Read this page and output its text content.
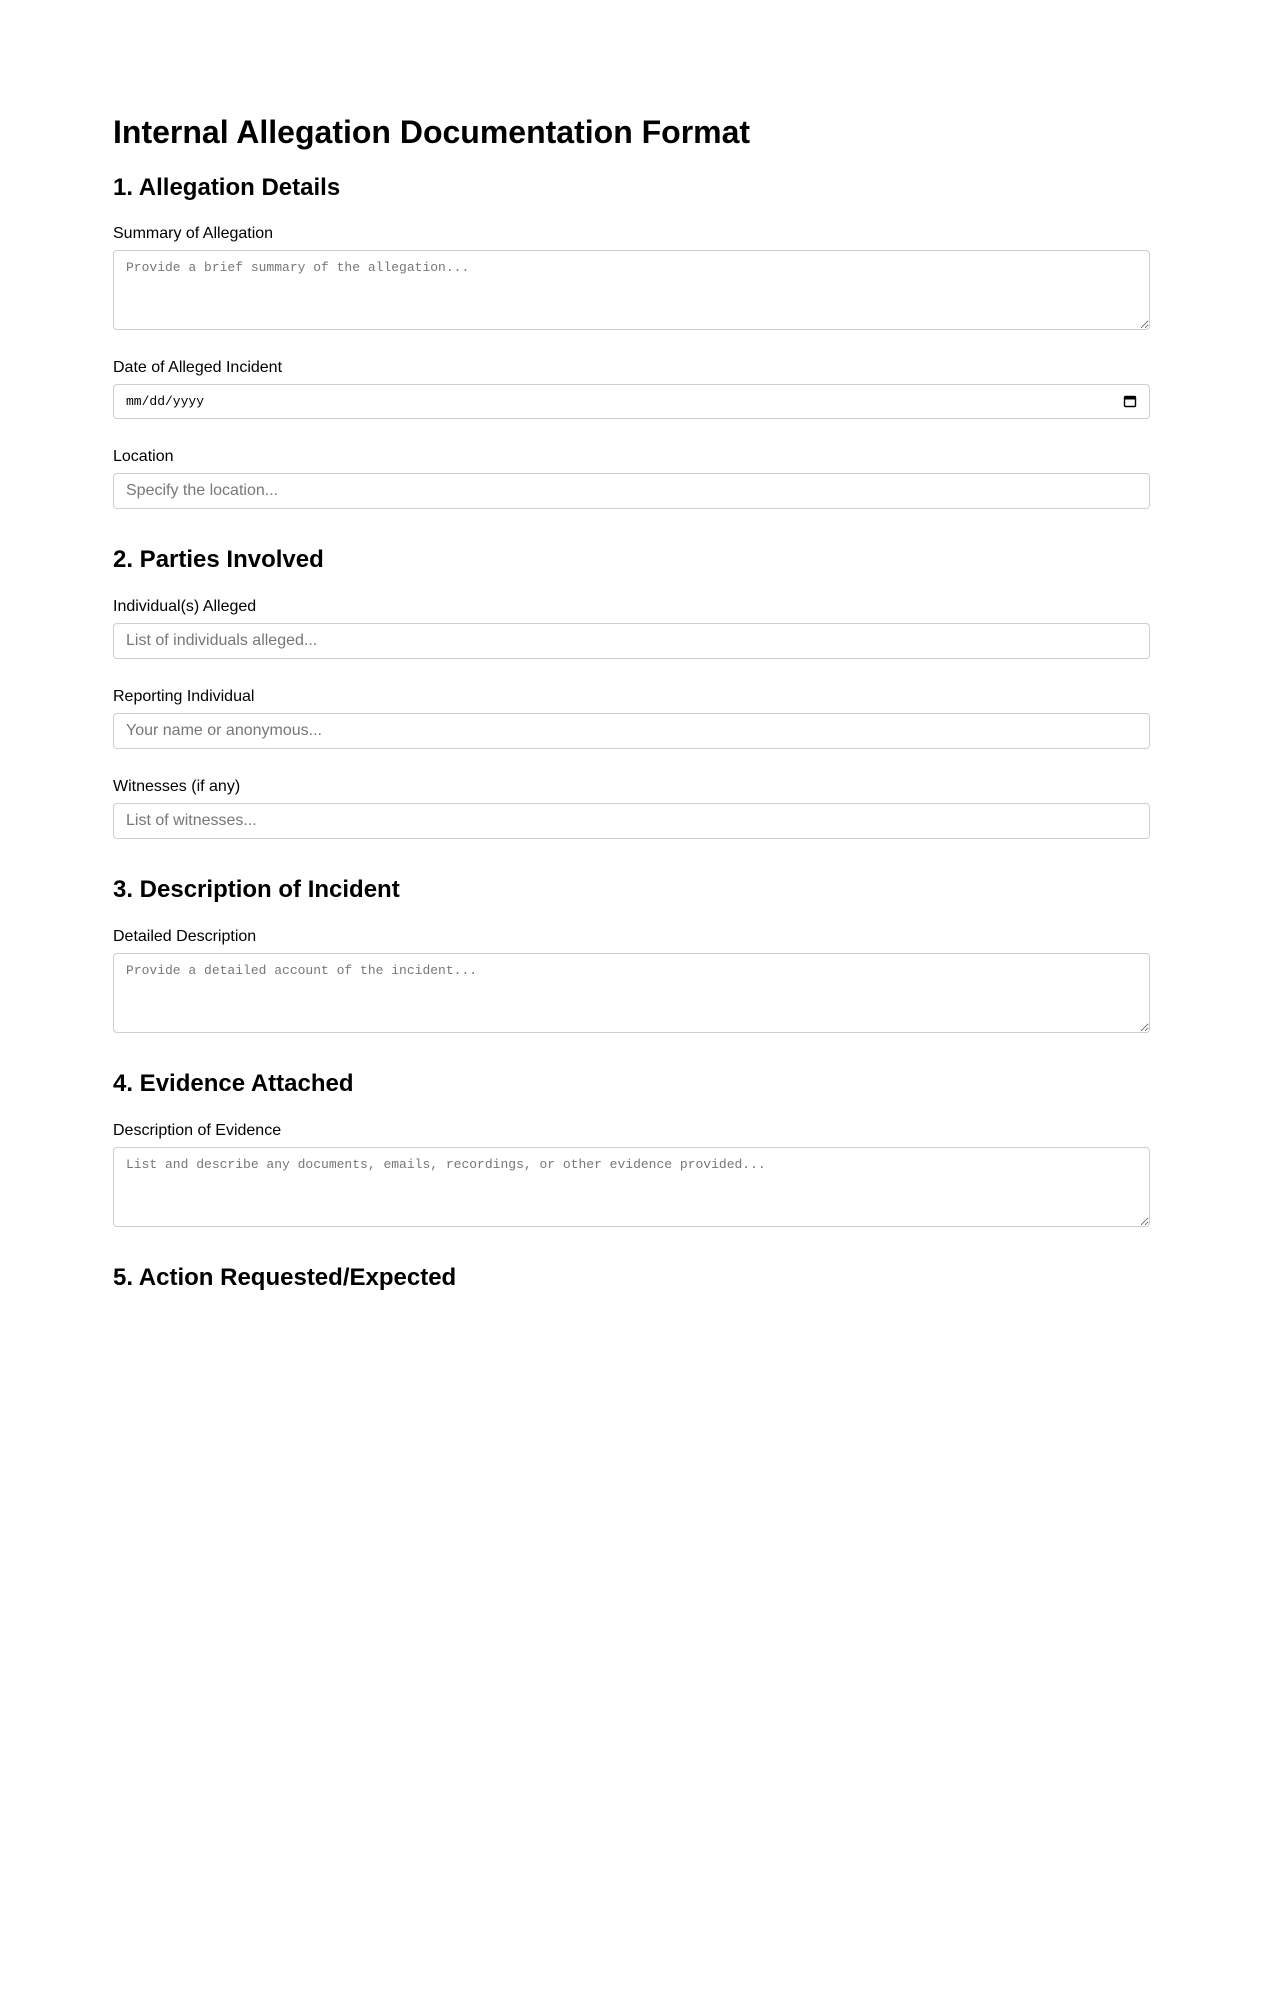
Internal Allegation Documentation Format
1. Allegation Details
Summary of Allegation
Provide a brief summary of the allegation...
Date of Alleged Incident
mm/dd/yyyy
Location
Specify the location...
2. Parties Involved
Individual(s) Alleged
List of individuals alleged...
Reporting Individual
Your name or anonymous...
Witnesses (if any)
List of witnesses...
3. Description of Incident
Detailed Description
Provide a detailed account of the incident...
4. Evidence Attached
Description of Evidence
List and describe any documents, emails, recordings, or other evidence provided...
5. Action Requested/Expected
